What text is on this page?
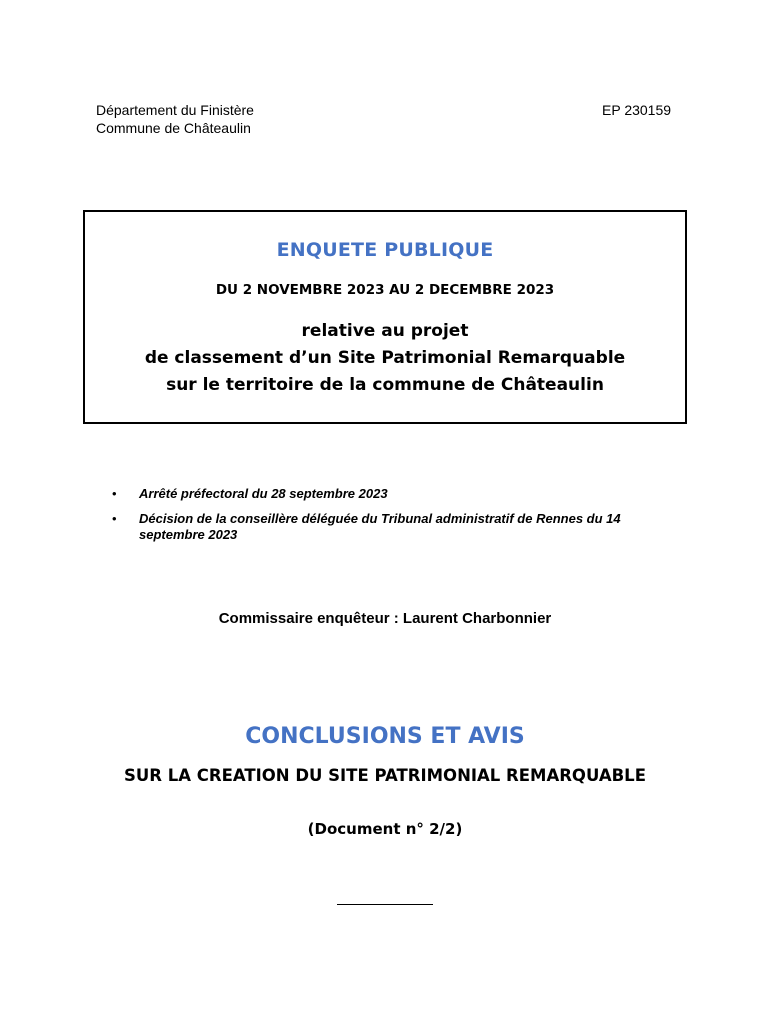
Département du Finistère
Commune de Châteaulin
EP 230159
ENQUETE PUBLIQUE
DU 2 NOVEMBRE 2023 AU 2 DECEMBRE 2023
relative au projet
de classement d’un Site Patrimonial Remarquable
sur le territoire de la commune de Châteaulin
• Arrêté préfectoral du 28 septembre 2023
• Décision de la conseillère déléguée du Tribunal administratif de Rennes du 14 septembre 2023
Commissaire enquêteur : Laurent Charbonnier
CONCLUSIONS ET AVIS
SUR LA CREATION DU SITE PATRIMONIAL REMARQUABLE
(Document n° 2/2)
